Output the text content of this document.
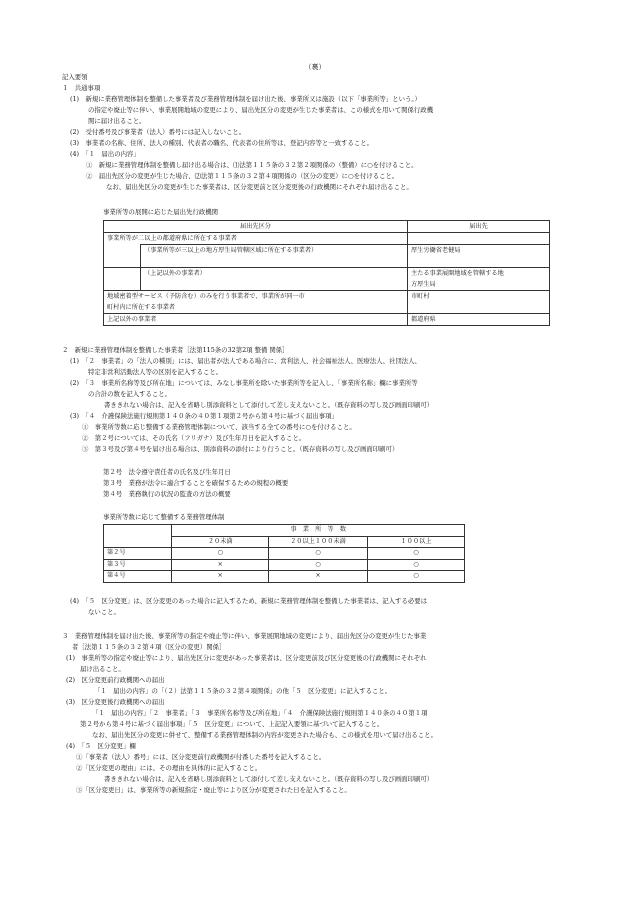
（裏）
記入要領
１　共通事項
(1)　新規に業務管理体制を整備した事業者及び業務管理体制を届け出た後、事業所又は施設（以下「事業所等」という。）
の指定や廃止等に伴い、事業展開地域の変更により、届出先区分の変更が生じた事業者は、この様式を用いて関係行政機
関に届け出ること。
(2)　受付番号及び事業者（法人）番号には記入しないこと。
(3)　事業者の名称、住所、法人の種別、代表者の職名、代表者の住所等は、登記内容等と一致すること。
(4)　「１　届出の内容」
①　新規に業務管理体制を整備し届け出る場合は、⑴法第１１５条の３２第２項関係の（整備）に○を付けること。
②　届出先区分の変更が生じた場合、⑵法第１１５条の３２第４項関係の（区分の変更）に○を付けること。
なお、届出先区分の変更が生じた事業者は、区分変更前と区分変更後の行政機関にそれぞれ届け出ること。
事業所等の展開に応じた届出先行政機関
届出先区分		届出先
事業所等が二以上の都道府県に所在する事業者		
	（事業所等が三以上の地方厚生局管轄区域に所在する事業者）	厚生労働省老健局
	（上記以外の事業者）	主たる事業展開地域を管轄する地
方厚生局

地域密着型サービス（予防含む）のみを行う事業者で、事業所が同一市
町村内に所在する事業者		市町村
上記以外の事業者		都道府県
２　新規に業務管理体制を整備した事業者［法第115条の32第2項 整備 関係］
(1)　「２　事業者」の「法人の種別」には、届出者が法人である場合に、営利法人、社会福祉法人、医療法人、社団法人、
特定非営利活動法人等の区別を記入すること。
(2)　「３　事業所名称等及び所在地」については、みなし事業所を除いた事業所等を記入し、「事業所名称」欄に事業所等
の合計の数を記入すること。
書ききれない場合は、記入を省略し別添資料として添付して差し支えないこと。（既存資料の写し及び画面印刷可）
(3)　「４　介護保険法施行規則第１４０条の４０第１項第２号から第４号に基づく届出事項」
①　事業所等数に応じ整備する業務管理体制について、該当する全ての番号に○を付けること。
②　第２号については、その氏名（フリガナ）及び生年月日を記入すること。
③　第３号及び第４号を届け出る場合は、別添資料の添付により行うこと。（既存資料の写し及び画面印刷可）
第２号　法令遵守責任者の氏名及び生年月日
第３号　業務が法令に適合することを確保するための規程の概要
第４号　業務執行の状況の監査の方法の概要
事業所等数に応じて整備する業務管理体制
	事　業　所　等　数		
	２０未満	２０以上１００未満	１００以上
第２号	○	○	○
第３号	×	○	○
第４号	×	×	○
(4)　「５　区分変更」は、区分変更のあった場合に記入するため、新規に業務管理体制を整備した事業者は、記入する必要は
ないこと。
３　業務管理体制を届け出た後、事業所等の指定や廃止等に伴い、事業展開地域の変更により、届出先区分の変更が生じた事業
者［法第１１５条の３２第４項（区分の変更）関係］
(1)　事業所等の指定や廃止等により、届出先区分に変更があった事業者は、区分変更前及び区分変更後の行政機関にそれぞれ
届け出ること。
(2)　区分変更前行政機関への届出
「１　届出の内容」の「（２）法第１１５条の３２第４項関係」の他「５　区分変更」に記入すること。
(3)　区分変更後行政機関への届出
「１　届出の内容」「２　事業者」「３　事業所名称等及び所在地」「４　介護保険法施行規則第１４０条の４０第１項
第２号から第４号に基づく届出事項」「５　区分変更」について、上記記入要領に基づいて記入すること。
なお、届出先区分の変更に併せて、整備する業務管理体制の内容が変更された場合も、この様式を用いて届け出ること。
(4)　「５　区分変更」欄
①「事業者（法人）番号」には、区分変更前行政機関が付番した番号を記入すること。
②「区分変更の理由」には、その理由を具体的に記入すること。
書ききれない場合は、記入を省略し別添資料として添付して差し支えないこと。（既存資料の写し及び画面印刷可）
③「区分変更日」は、事業所等の新規指定・廃止等により区分が変更された日を記入すること。
